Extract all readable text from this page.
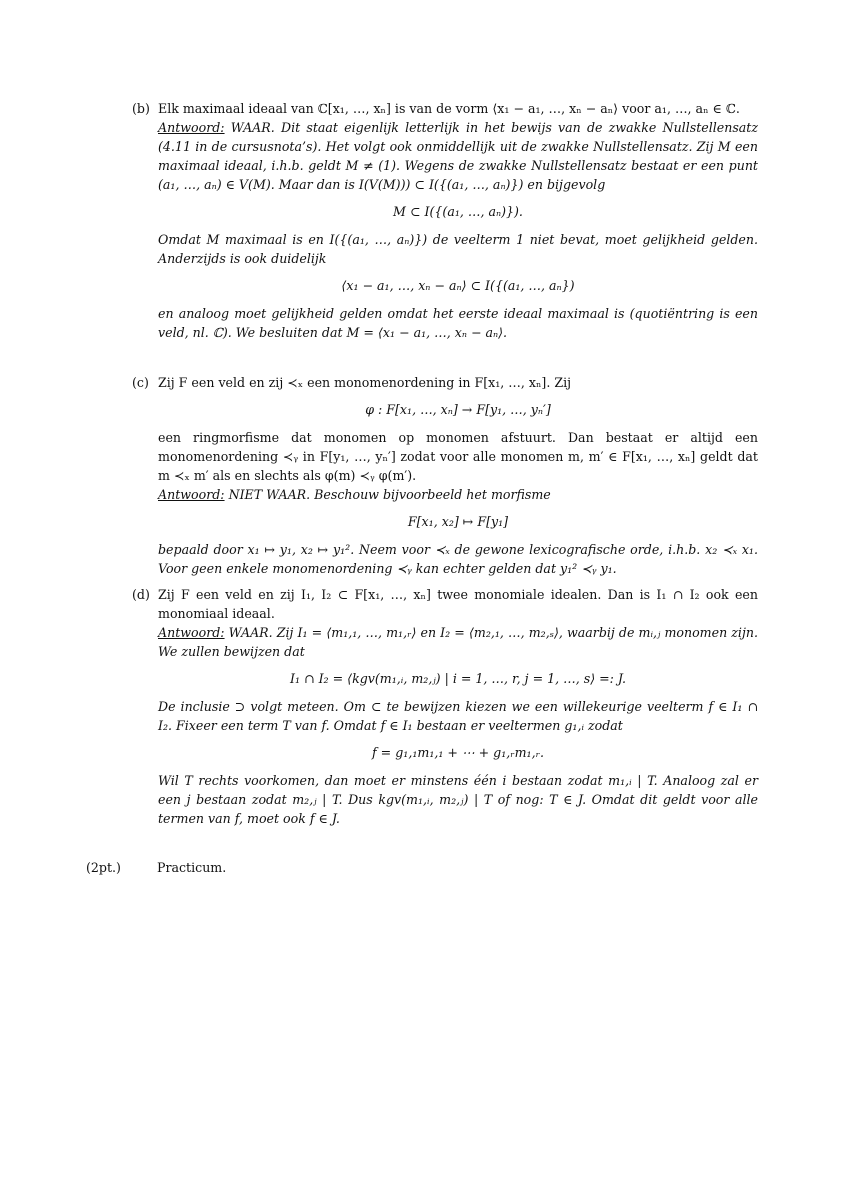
(b) Elk maximaal ideaal van ℂ[x₁, …, xₙ] is van de vorm ⟨x₁ − a₁, …, xₙ − aₙ⟩ voor a₁, …, aₙ ∈ ℂ.

Antwoord: WAAR. Dit staat eigenlijk letterlijk in het bewijs van de zwakke Nullstellensatz (4.11 in de cursusnota’s). Het volgt ook onmiddellijk uit de zwakke Nullstellensatz. Zij M een maximaal ideaal, i.h.b. geldt M ≠ (1). Wegens de zwakke Nullstellensatz bestaat er een punt (a₁, …, aₙ) ∈ V(M). Maar dan is I(V(M))) ⊂ I({(a₁, …, aₙ)}) en bijgevolg

M ⊂ I({(a₁, …, aₙ)}).

Omdat M maximaal is en I({(a₁, …, aₙ)}) de veelterm 1 niet bevat, moet gelijkheid gelden. Anderzijds is ook duidelijk

⟨x₁ − a₁, …, xₙ − aₙ⟩ ⊂ I({(a₁, …, aₙ})

en analoog moet gelijkheid gelden omdat het eerste ideaal maximaal is (quotiëntring is een veld, nl. ℂ). We besluiten dat M = ⟨x₁ − a₁, …, xₙ − aₙ⟩.

(c) Zij F een veld en zij ≺ₓ een monomenordening in F[x₁, …, xₙ]. Zij

φ : F[x₁, …, xₙ] → F[y₁, …, yₙ′]

een ringmorfisme dat monomen op monomen afstuurt. Dan bestaat er altijd een monomenordening ≺ᵧ in F[y₁, …, yₙ′] zodat voor alle monomen m, m′ ∈ F[x₁, …, xₙ] geldt dat m ≺ₓ m′ als en slechts als φ(m) ≺ᵧ φ(m′).

Antwoord: NIET WAAR. Beschouw bijvoorbeeld het morfisme

F[x₁, x₂] ↦ F[y₁]

bepaald door x₁ ↦ y₁, x₂ ↦ y₁². Neem voor ≺ₓ de gewone lexicografische orde, i.h.b. x₂ ≺ₓ x₁. Voor geen enkele monomenordening ≺ᵧ kan echter gelden dat y₁² ≺ᵧ y₁.

(d) Zij F een veld en zij I₁, I₂ ⊂ F[x₁, …, xₙ] twee monomiale idealen. Dan is I₁ ∩ I₂ ook een monomiaal ideaal.

Antwoord: WAAR. Zij I₁ = ⟨m₁,₁, …, m₁,ᵣ⟩ en I₂ = ⟨m₂,₁, …, m₂,ₛ⟩, waarbij de mᵢ,ⱼ monomen zijn. We zullen bewijzen dat

I₁ ∩ I₂ = ⟨kgv(m₁,ᵢ, m₂,ⱼ) | i = 1, …, r, j = 1, …, s⟩ =: J.

De inclusie ⊃ volgt meteen. Om ⊂ te bewijzen kiezen we een willekeurige veelterm f ∈ I₁ ∩ I₂. Fixeer een term T van f. Omdat f ∈ I₁ bestaan er veeltermen g₁,ᵢ zodat

f = g₁,₁m₁,₁ + ⋯ + g₁,ᵣm₁,ᵣ.

Wil T rechts voorkomen, dan moet er minstens één i bestaan zodat m₁,ᵢ | T. Analoog zal er een j bestaan zodat m₂,ⱼ | T. Dus kgv(m₁,ᵢ, m₂,ⱼ) | T of nog: T ∈ J. Omdat dit geldt voor alle termen van f, moet ook f ∈ J.

(2pt.)	Practicum.
